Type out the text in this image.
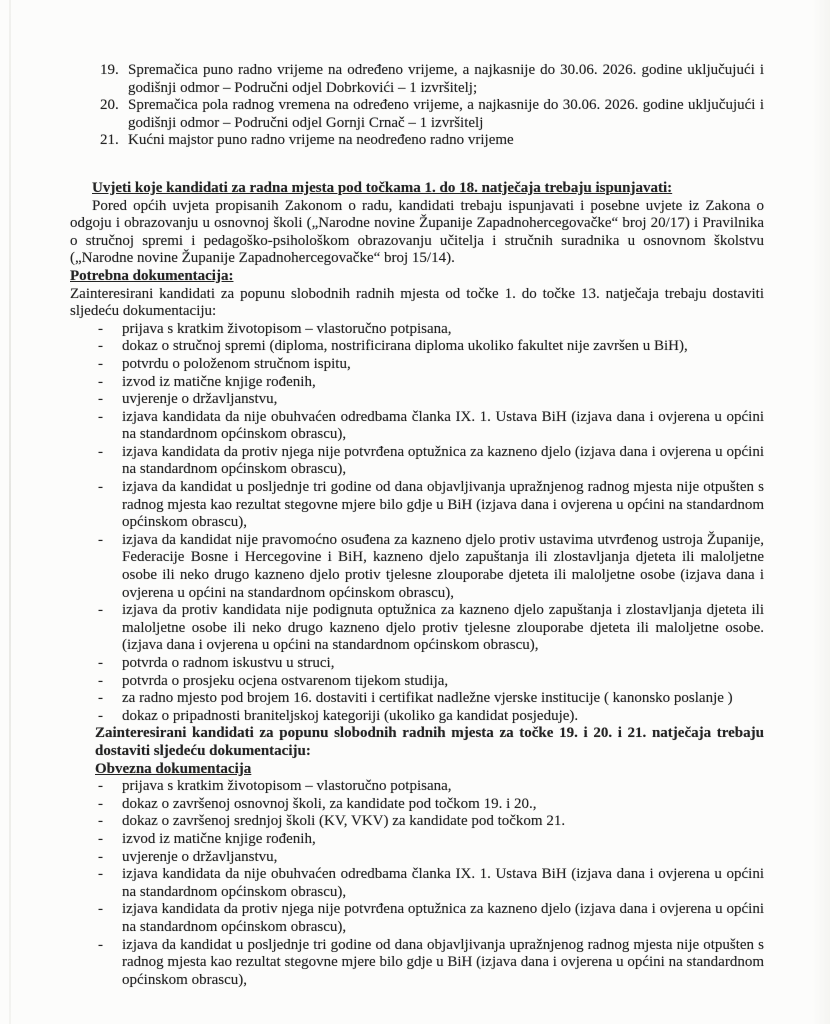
19. Spremačica puno radno vrijeme na određeno vrijeme, a najkasnije do 30.06. 2026. godine uključujući i godišnji odmor – Područni odjel Dobrkovići – 1 izvršitelj;
20. Spremačica pola radnog vremena na određeno vrijeme, a najkasnije do 30.06. 2026. godine uključujući i godišnji odmor – Područni odjel Gornji Crnač – 1 izvršitelj
21. Kućni majstor puno radno vrijeme na neodređeno radno vrijeme

Uvjeti koje kandidati za radna mjesta pod točkama 1. do 18. natječaja trebaju ispunjavati:

Pored općih uvjeta propisanih Zakonom o radu, kandidati trebaju ispunjavati i posebne uvjete iz Zakona o odgoju i obrazovanju u osnovnoj školi („Narodne novine Županije Zapadnohercegovačke“ broj 20/17) i Pravilnika o stručnoj spremi i pedagoško-psihološkom obrazovanju učitelja i stručnih suradnika u osnovnom školstvu („Narodne novine Županije Zapadnohercegovačke“ broj 15/14).

Potrebna dokumentacija:

Zainteresirani kandidati za popunu slobodnih radnih mjesta od točke 1. do točke 13. natječaja trebaju dostaviti sljedeću dokumentaciju:

-	prijava s kratkim životopisom – vlastoručno potpisana,
-	dokaz o stručnoj spremi (diploma, nostrificirana diploma ukoliko fakultet nije završen u BiH),
-	potvrdu o položenom stručnom ispitu,
-	izvod iz matične knjige rođenih,
-	uvjerenje o državljanstvu,
-	izjava kandidata da nije obuhvaćen odredbama članka IX. 1. Ustava BiH (izjava dana i ovjerena u općini na standardnom općinskom obrascu),
-	izjava kandidata da protiv njega nije potvrđena optužnica za kazneno djelo (izjava dana i ovjerena u općini na standardnom općinskom obrascu),
-	izjava da kandidat u posljednje tri godine od dana objavljivanja upražnjenog radnog mjesta nije otpušten s radnog mjesta kao rezultat stegovne mjere bilo gdje u BiH (izjava dana i ovjerena u općini na standardnom općinskom obrascu),
-	izjava da kandidat nije pravomoćno osuđena za kazneno djelo protiv ustavima utvrđenog ustroja Županije, Federacije Bosne i Hercegovine i BiH, kazneno djelo zapuštanja ili zlostavljanja djeteta ili maloljetne osobe ili neko drugo kazneno djelo protiv tjelesne zlouporabe djeteta ili maloljetne osobe (izjava dana i ovjerena u općini na standardnom općinskom obrascu),
-	izjava da protiv kandidata nije podignuta optužnica za kazneno djelo zapuštanja i zlostavljanja djeteta ili maloljetne osobe ili neko drugo kazneno djelo protiv tjelesne zlouporabe djeteta ili maloljetne osobe. (izjava dana i ovjerena u općini na standardnom općinskom obrascu),
-	potvrda o radnom iskustvu u struci,
-	potvrda o prosjeku ocjena ostvarenom tijekom studija,
-	za radno mjesto pod brojem 16. dostaviti i certifikat nadležne vjerske institucije ( kanonsko poslanje )
-	dokaz o pripadnosti braniteljskoj kategoriji (ukoliko ga kandidat posjeduje).

Zainteresirani kandidati za popunu slobodnih radnih mjesta za točke 19. i 20. i 21. natječaja trebaju dostaviti sljedeću dokumentaciju:

Obvezna dokumentacija

-	prijava s kratkim životopisom – vlastoručno potpisana,
-	dokaz o završenoj osnovnoj školi, za kandidate pod točkom 19. i 20.,
-	dokaz o završenoj srednjoj školi (KV, VKV) za kandidate pod točkom 21.
-	izvod iz matične knjige rođenih,
-	uvjerenje o državljanstvu,
-	izjava kandidata da nije obuhvaćen odredbama članka IX. 1. Ustava BiH (izjava dana i ovjerena u općini na standardnom općinskom obrascu),
-	izjava kandidata da protiv njega nije potvrđena optužnica za kazneno djelo (izjava dana i ovjerena u općini na standardnom općinskom obrascu),
-	izjava da kandidat u posljednje tri godine od dana objavljivanja upražnjenog radnog mjesta nije otpušten s radnog mjesta kao rezultat stegovne mjere bilo gdje u BiH (izjava dana i ovjerena u općini na standardnom općinskom obrascu),
